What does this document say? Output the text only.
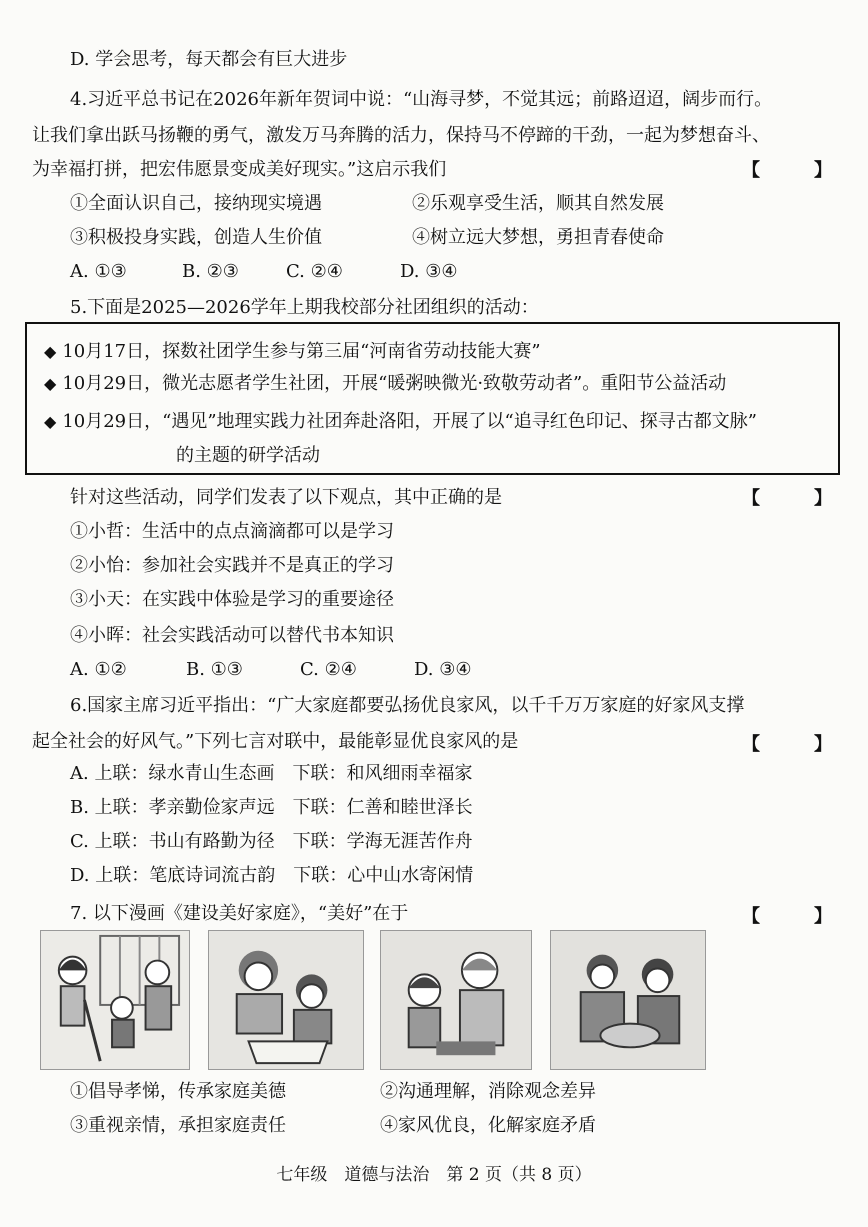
D. 学会思考，每天都会有巨大进步
4.习近平总书记在2026年新年贺词中说：“山海寻梦，不觉其远；前路迢迢，阔步而行。
让我们拿出跃马扬鞭的勇气，激发万马奔腾的活力，保持马不停蹄的干劲，一起为梦想奋斗、
为幸福打拼，把宏伟愿景变成美好现实。”这启示我们	【　】
①全面认识自己，接纳现实境遇	②乐观享受生活，顺其自然发展
③积极投身实践，创造人生价值	④树立远大梦想，勇担青春使命
A. ①③	B. ②③	C. ②④	D. ③④
5.下面是2025—2026学年上期我校部分社团组织的活动：
◆ 10月17日，探数社团学生参与第三届“河南省劳动技能大赛”
◆ 10月29日，微光志愿者学生社团，开展“暖粥映微光·致敬劳动者”。重阳节公益活动
◆ 10月29日，“遇见”地理实践力社团奔赴洛阳，开展了以“追寻红色印记、探寻古都文脉”
的主题的研学活动
针对这些活动，同学们发表了以下观点，其中正确的是	【　】
①小哲：生活中的点点滴滴都可以是学习
②小怡：参加社会实践并不是真正的学习
③小天：在实践中体验是学习的重要途径
④小晖：社会实践活动可以替代书本知识
A. ①②	B. ①③	C. ②④	D. ③④
6.国家主席习近平指出：“广大家庭都要弘扬优良家风，以千千万万家庭的好家风支撑
起全社会的好风气。”下列七言对联中，最能彰显优良家风的是	【　】
A. 上联：绿水青山生态画　下联：和风细雨幸福家
B. 上联：孝亲勤俭家声远　下联：仁善和睦世泽长
C. 上联：书山有路勤为径　下联：学海无涯苦作舟
D. 上联：笔底诗词流古韵　下联：心中山水寄闲情
7. 以下漫画《建设美好家庭》，“美好”在于	【　】
①倡导孝悌，传承家庭美德	②沟通理解，消除观念差异
③重视亲情，承担家庭责任	④家风优良，化解家庭矛盾
七年级　道德与法治　第 2 页（共 8 页）
